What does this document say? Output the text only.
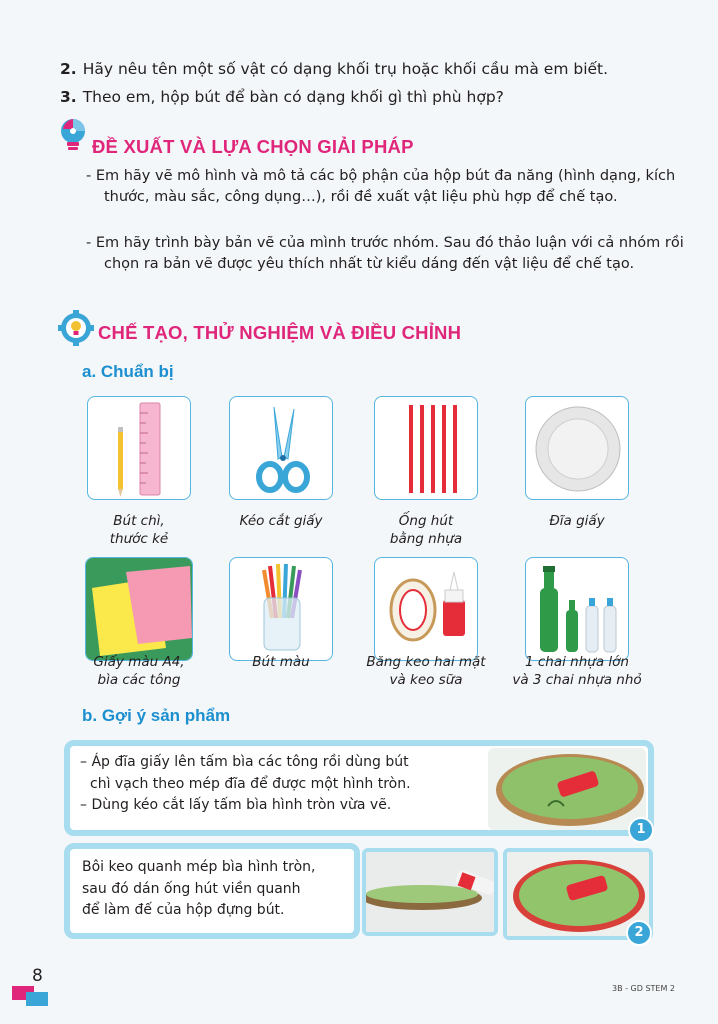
2. Hãy nêu tên một số vật có dạng khối trụ hoặc khối cầu mà em biết.
3. Theo em, hộp bút để bàn có dạng khối gì thì phù hợp?
ĐỀ XUẤT VÀ LỰA CHỌN GIẢI PHÁP
- Em hãy vẽ mô hình và mô tả các bộ phận của hộp bút đa năng (hình dạng, kích thước, màu sắc, công dụng…), rồi đề xuất vật liệu phù hợp để chế tạo.
- Em hãy trình bày bản vẽ của mình trước nhóm. Sau đó thảo luận với cả nhóm rồi chọn ra bản vẽ được yêu thích nhất từ kiểu dáng đến vật liệu để chế tạo.
CHẾ TẠO, THỬ NGHIỆM VÀ ĐIỀU CHỈNH
a. Chuẩn bị
Bút chì,
thước kẻ
Kéo cắt giấy	Ống hút
bằng nhựa
Đĩa giấy
Giấy màu A4,
bìa các tông
Bút màu	Băng keo hai mặt
và keo sữa
1 chai nhựa lớn
và 3 chai nhựa nhỏ
b. Gợi ý sản phẩm
– Áp đĩa giấy lên tấm bìa các tông rồi dùng bút
chì vạch theo mép đĩa để được một hình tròn.
– Dùng kéo cắt lấy tấm bìa hình tròn vừa vẽ.
1
Bôi keo quanh mép bìa hình tròn,
sau đó dán ống hút viền quanh
để làm đế của hộp đựng bút.
2
8
3B - GD STEM 2
